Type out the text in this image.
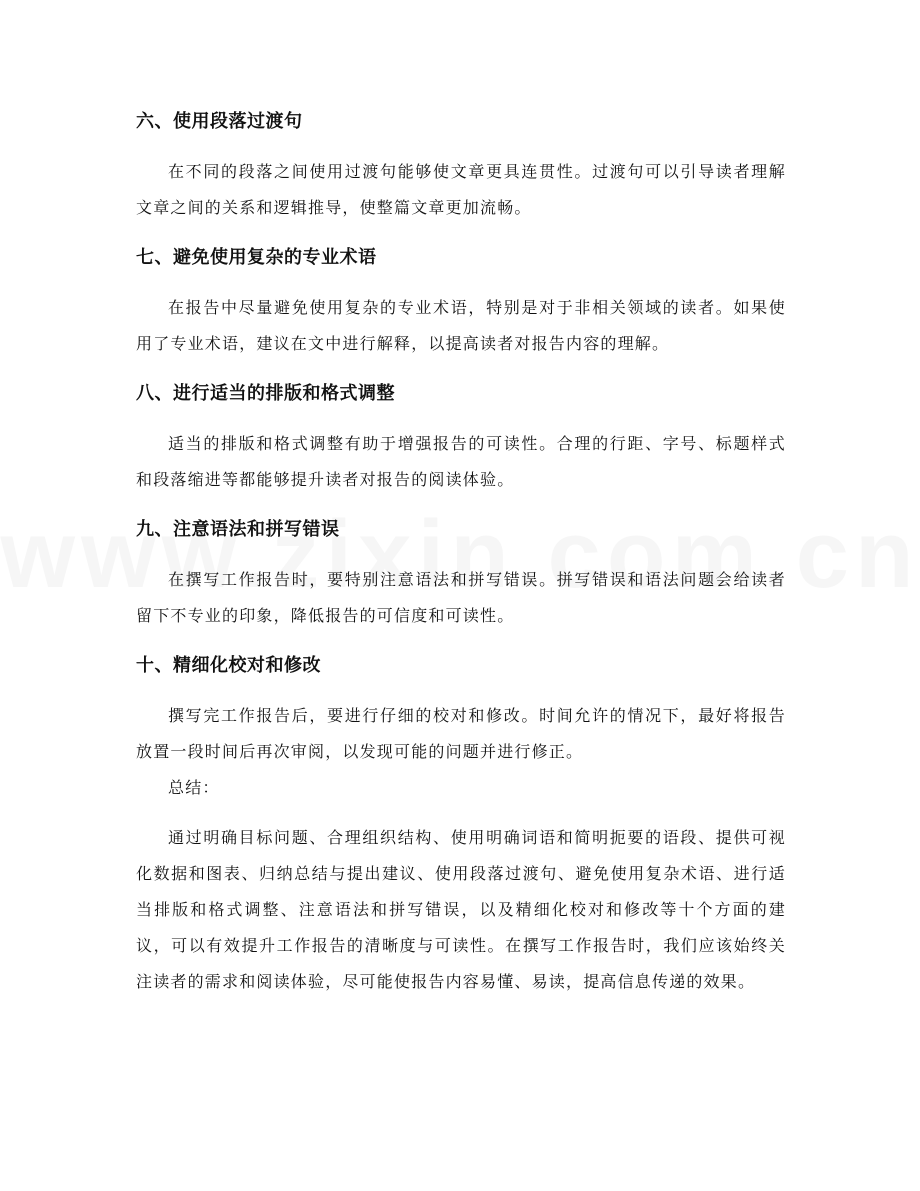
六、使用段落过渡句

在不同的段落之间使用过渡句能够使文章更具连贯性。过渡句可以引导读者理解文章之间的关系和逻辑推导，使整篇文章更加流畅。

七、避免使用复杂的专业术语

在报告中尽量避免使用复杂的专业术语，特别是对于非相关领域的读者。如果使用了专业术语，建议在文中进行解释，以提高读者对报告内容的理解。

八、进行适当的排版和格式调整

适当的排版和格式调整有助于增强报告的可读性。合理的行距、字号、标题样式和段落缩进等都能够提升读者对报告的阅读体验。

九、注意语法和拼写错误

在撰写工作报告时，要特别注意语法和拼写错误。拼写错误和语法问题会给读者留下不专业的印象，降低报告的可信度和可读性。

十、精细化校对和修改

撰写完工作报告后，要进行仔细的校对和修改。时间允许的情况下，最好将报告放置一段时间后再次审阅，以发现可能的问题并进行修正。

总结：

通过明确目标问题、合理组织结构、使用明确词语和简明扼要的语段、提供可视化数据和图表、归纳总结与提出建议、使用段落过渡句、避免使用复杂术语、进行适当排版和格式调整、注意语法和拼写错误，以及精细化校对和修改等十个方面的建议，可以有效提升工作报告的清晰度与可读性。在撰写工作报告时，我们应该始终关注读者的需求和阅读体验，尽可能使报告内容易懂、易读，提高信息传递的效果。
